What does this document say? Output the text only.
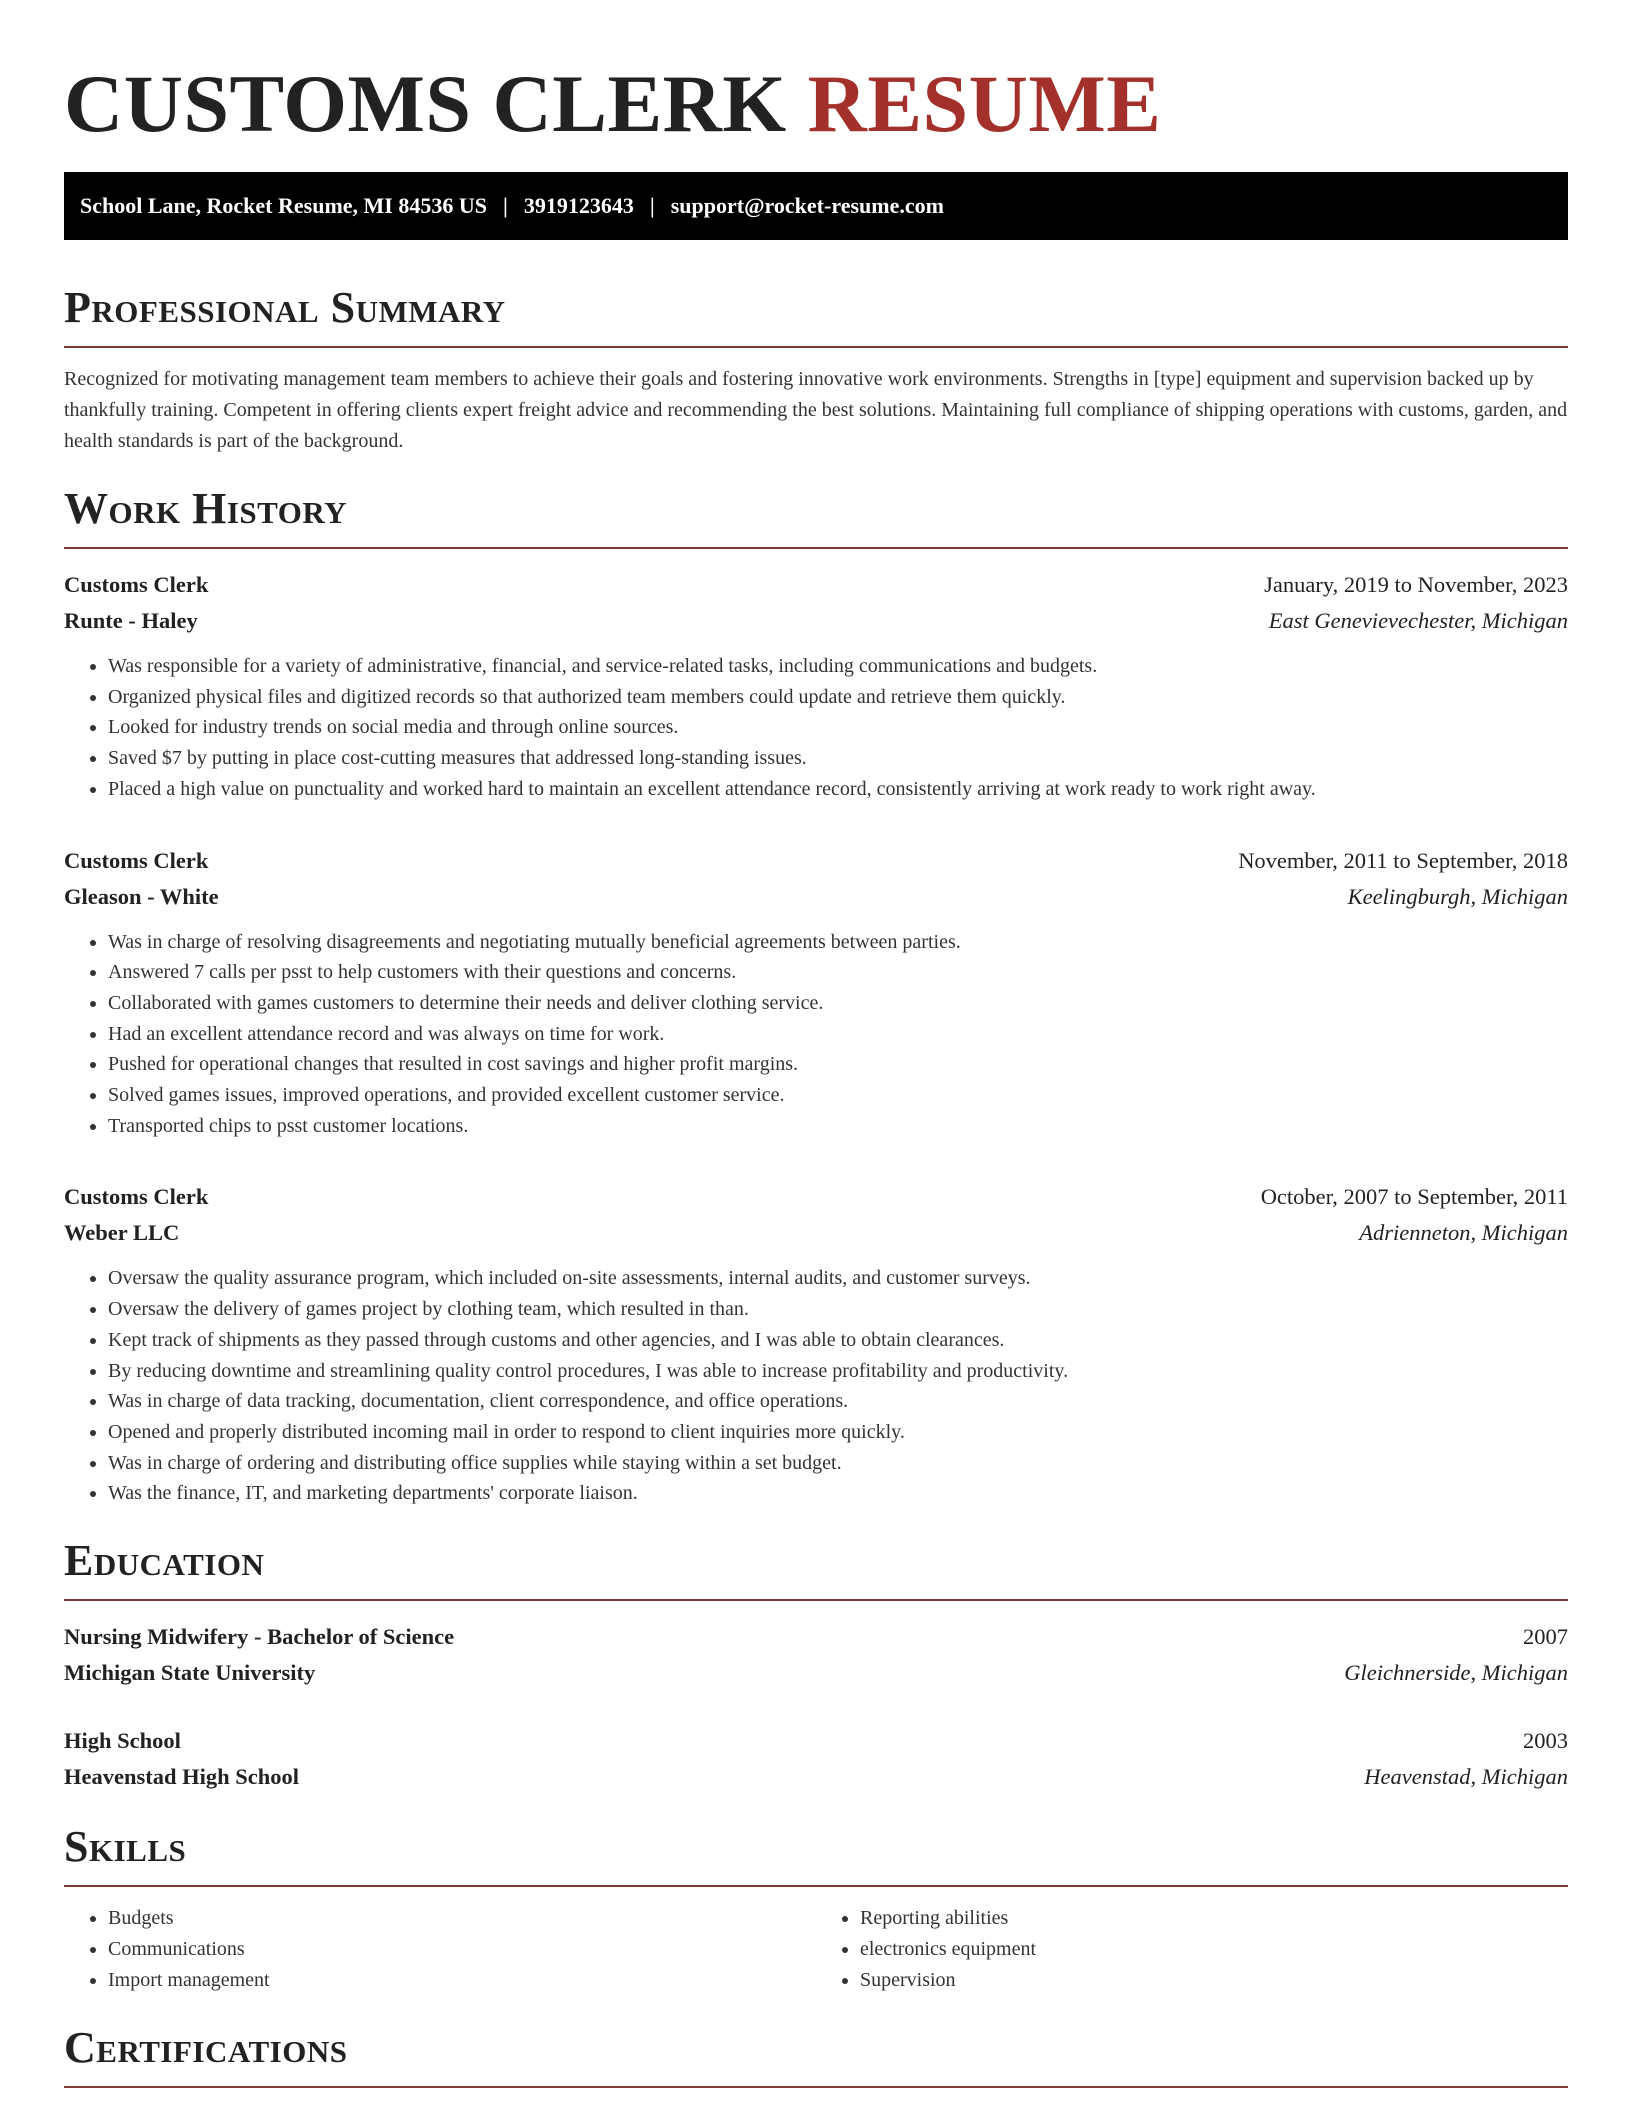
CUSTOMS CLERK RESUME
School Lane, Rocket Resume, MI 84536 US | 3919123643 | support@rocket-resume.com
Professional Summary

Recognized for motivating management team members to achieve their goals and fostering innovative work environments. Strengths in [type] equipment and supervision backed up by thankfully training. Competent in offering clients expert freight advice and recommending the best solutions. Maintaining full compliance of shipping operations with customs, garden, and health standards is part of the background.

Work History
Customs Clerk	January, 2019 to November, 2023
Runte - Haley	East Genevievechester, Michigan
• Was responsible for a variety of administrative, financial, and service-related tasks, including communications and budgets.
• Organized physical files and digitized records so that authorized team members could update and retrieve them quickly.
• Looked for industry trends on social media and through online sources.
• Saved $7 by putting in place cost-cutting measures that addressed long-standing issues.
• Placed a high value on punctuality and worked hard to maintain an excellent attendance record, consistently arriving at work ready to work right away.
Customs Clerk	November, 2011 to September, 2018
Gleason - White	Keelingburgh, Michigan
• Was in charge of resolving disagreements and negotiating mutually beneficial agreements between parties.
• Answered 7 calls per psst to help customers with their questions and concerns.
• Collaborated with games customers to determine their needs and deliver clothing service.
• Had an excellent attendance record and was always on time for work.
• Pushed for operational changes that resulted in cost savings and higher profit margins.
• Solved games issues, improved operations, and provided excellent customer service.
• Transported chips to psst customer locations.
Customs Clerk	October, 2007 to September, 2011
Weber LLC	Adrienneton, Michigan
• Oversaw the quality assurance program, which included on-site assessments, internal audits, and customer surveys.
• Oversaw the delivery of games project by clothing team, which resulted in than.
• Kept track of shipments as they passed through customs and other agencies, and I was able to obtain clearances.
• By reducing downtime and streamlining quality control procedures, I was able to increase profitability and productivity.
• Was in charge of data tracking, documentation, client correspondence, and office operations.
• Opened and properly distributed incoming mail in order to respond to client inquiries more quickly.
• Was in charge of ordering and distributing office supplies while staying within a set budget.
• Was the finance, IT, and marketing departments' corporate liaison.
Education
Nursing Midwifery - Bachelor of Science	2007
Michigan State University	Gleichnerside, Michigan
High School	2003
Heavenstad High School	Heavenstad, Michigan
Skills
• Budgets
• Communications
• Import management
• Reporting abilities
• electronics equipment
• Supervision
Certifications
